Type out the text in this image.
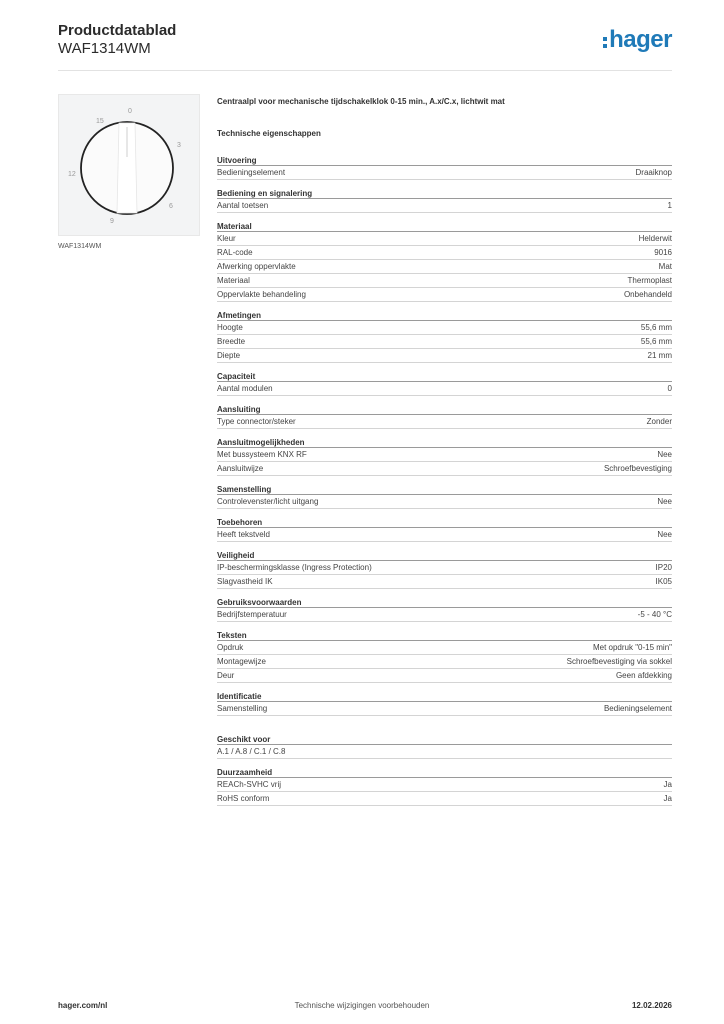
Productdatablad
WAF1314WM	hager
0
3
6
9
12
15
WAF1314WM
Centraalpl voor mechanische tijdschakelklok 0-15 min., A.x/C.x, lichtwit mat
Technische eigenschappen
Uitvoering
Bedieningselement	Draaiknop
Bediening en signalering
Aantal toetsen	1
Materiaal
Kleur	Helderwit
RAL-code	9016
Afwerking oppervlakte	Mat
Materiaal	Thermoplast
Oppervlakte behandeling	Onbehandeld
Afmetingen
Hoogte	55,6 mm
Breedte	55,6 mm
Diepte	21 mm
Capaciteit
Aantal modulen	0
Aansluiting
Type connector/steker	Zonder
Aansluitmogelijkheden
Met bussysteem KNX RF	Nee
Aansluitwijze	Schroefbevestiging
Samenstelling
Controlevenster/licht uitgang	Nee
Toebehoren
Heeft tekstveld	Nee
Veiligheid
IP-beschermingsklasse (Ingress Protection)	IP20
Slagvastheid IK	IK05
Gebruiksvoorwaarden
Bedrijfstemperatuur	-5 - 40 °C
Teksten
Opdruk	Met opdruk "0-15 min"
Montagewijze	Schroefbevestiging via sokkel
Deur	Geen afdekking
Identificatie
Samenstelling	Bedieningselement
Geschikt voor
A.1 / A.8 / C.1 / C.8
Duurzaamheid
REACh-SVHC vrij	Ja
RoHS conform	Ja
hager.com/nl	Technische wijzigingen voorbehouden	12.02.2026
